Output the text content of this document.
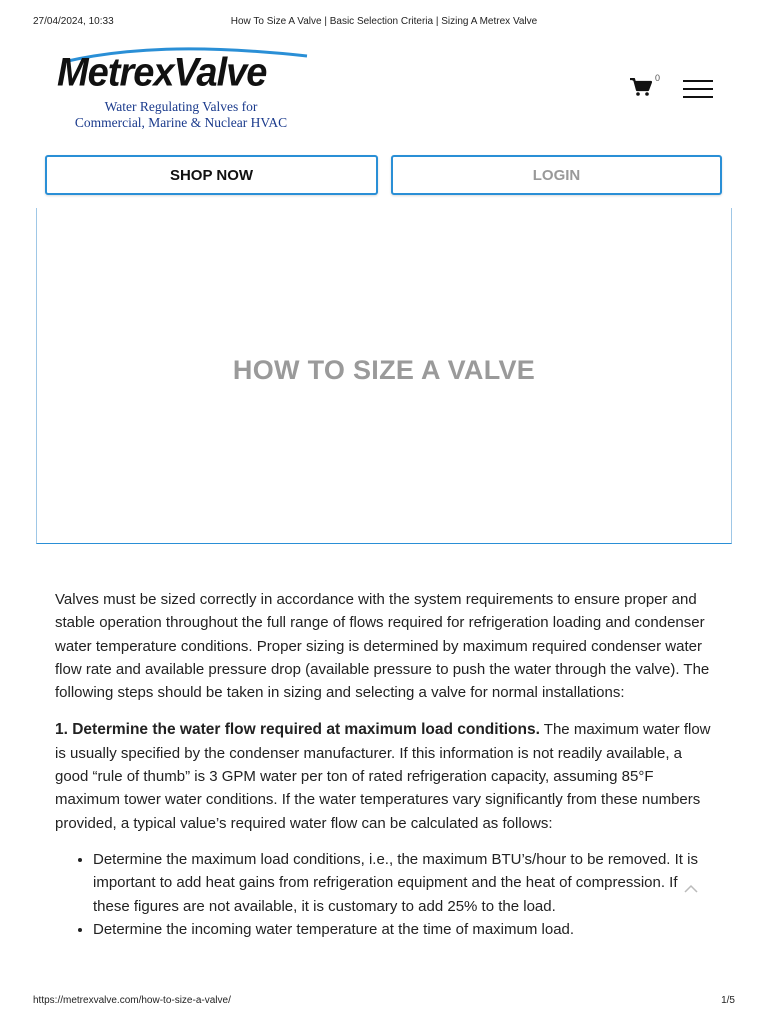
27/04/2024, 10:33	How To Size A Valve | Basic Selection Criteria | Sizing A Metrex Valve
MetrexValve
Water Regulating Valves for
Commercial, Marine & Nuclear HVAC
0
SHOP NOW	LOGIN
HOW TO SIZE A VALVE

Valves must be sized correctly in accordance with the system requirements to ensure proper and stable operation throughout the full range of flows required for refrigeration loading and condenser water temperature conditions. Proper sizing is determined by maximum required condenser water flow rate and available pressure drop (available pressure to push the water through the valve). The following steps should be taken in sizing and selecting a valve for normal installations:

1. Determine the water flow required at maximum load conditions. The maximum water flow is usually specified by the condenser manufacturer. If this information is not readily available, a good “rule of thumb” is 3 GPM water per ton of rated refrigeration capacity, assuming 85°F maximum tower water conditions. If the water temperatures vary significantly from these numbers provided, a typical value’s required water flow can be calculated as follows:

• Determine the maximum load conditions, i.e., the maximum BTU’s/hour to be removed. It is important to add heat gains from refrigeration equipment and the heat of compression. If these figures are not available, it is customary to add 25% to the load.
• Determine the incoming water temperature at the time of maximum load.
https://metrexvalve.com/how-to-size-a-valve/	1/5
